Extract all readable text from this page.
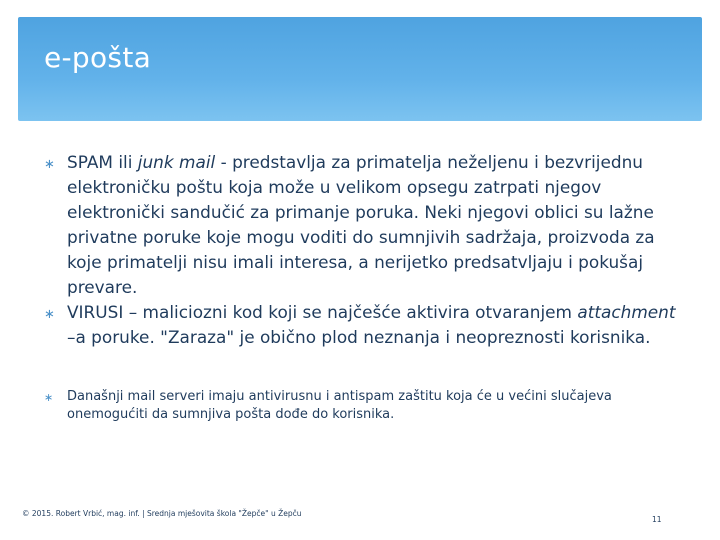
e-pošta
∗ SPAM ili junk mail - predstavlja za primatelja neželjenu i bezvrijednu elektroničku poštu koja može u velikom opsegu zatrpati njegov elektronički sandučić za primanje poruka. Neki njegovi oblici su lažne privatne poruke koje mogu voditi do sumnjivih sadržaja, proizvoda za koje primatelji nisu imali interesa, a nerijetko predsatvljaju i pokušaj prevare.
∗ VIRUSI – maliciozni kod koji se najčešće aktivira otvaranjem attachment –a poruke. "Zaraza" je obično plod neznanja i neopreznosti korisnika.
∗ Današnji mail serveri imaju antivirusnu i antispam zaštitu koja će u većini slučajeva onemogućiti da sumnjiva pošta dođe do korisnika.
© 2015. Robert Vrbić, mag. inf. | Srednja mješovita škola "Žepče" u Žepču
11
